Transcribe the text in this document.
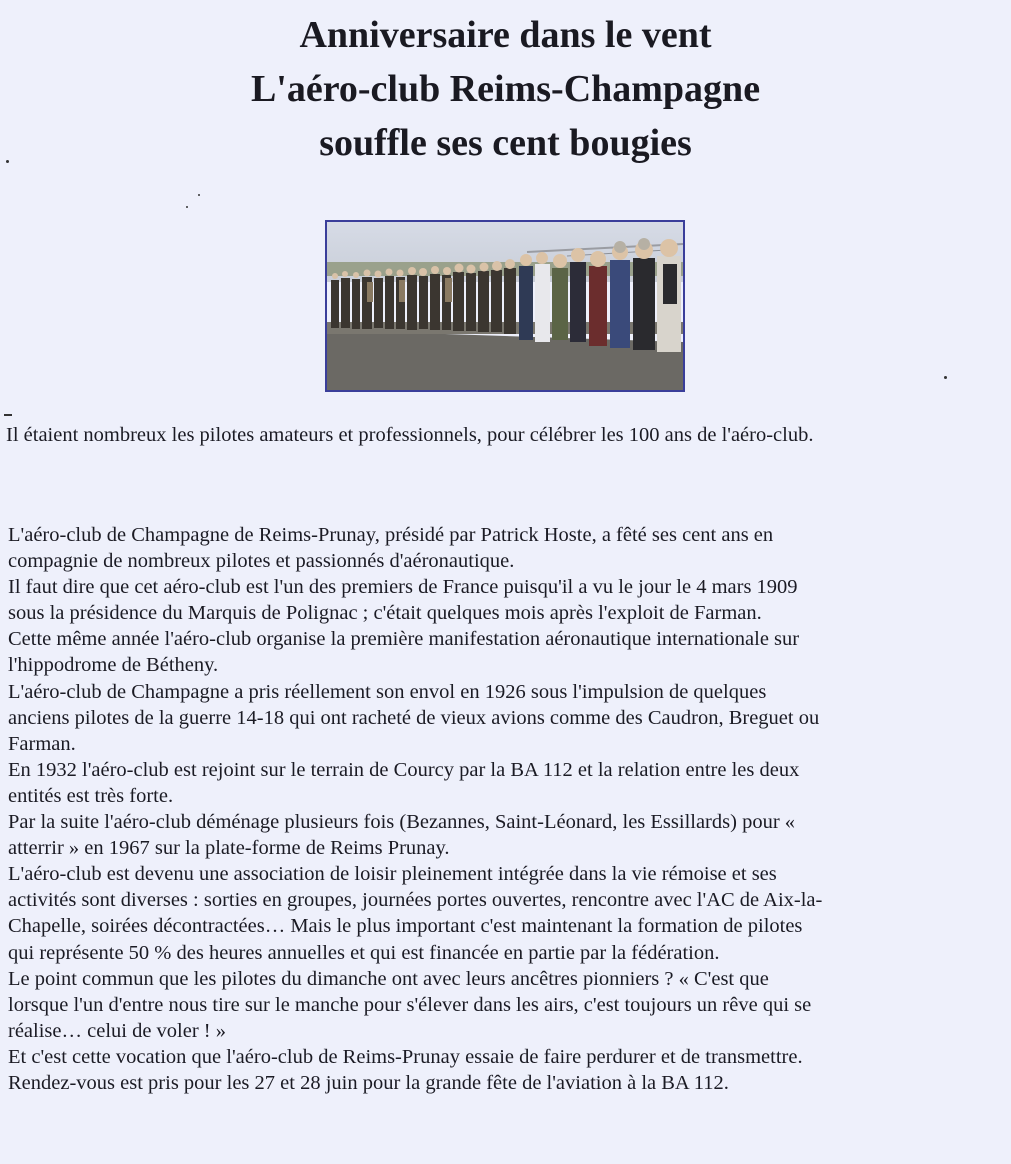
Anniversaire dans le vent
L'aéro-club Reims-Champagne
souffle ses cent bougies
Il étaient nombreux les pilotes amateurs et professionnels, pour célébrer les 100 ans de l'aéro-club.
L'aéro-club de Champagne de Reims-Prunay, présidé par Patrick Hoste, a fêté ses cent ans en
compagnie de nombreux pilotes et passionnés d'aéronautique.
Il faut dire que cet aéro-club est l'un des premiers de France puisqu'il a vu le jour le 4 mars 1909
sous la présidence du Marquis de Polignac ; c'était quelques mois après l'exploit de Farman.
Cette même année l'aéro-club organise la première manifestation aéronautique internationale sur
l'hippodrome de Bétheny.
L'aéro-club de Champagne a pris réellement son envol en 1926 sous l'impulsion de quelques
anciens pilotes de la guerre 14-18 qui ont racheté de vieux avions comme des Caudron, Breguet ou
Farman.
En 1932 l'aéro-club est rejoint sur le terrain de Courcy par la BA 112 et la relation entre les deux
entités est très forte.
Par la suite l'aéro-club déménage plusieurs fois (Bezannes, Saint-Léonard, les Essillards) pour «
atterrir » en 1967 sur la plate-forme de Reims Prunay.
L'aéro-club est devenu une association de loisir pleinement intégrée dans la vie rémoise et ses
activités sont diverses : sorties en groupes, journées portes ouvertes, rencontre avec l'AC de Aix-la-
Chapelle, soirées décontractées… Mais le plus important c'est maintenant la formation de pilotes
qui représente 50 % des heures annuelles et qui est financée en partie par la fédération.
Le point commun que les pilotes du dimanche ont avec leurs ancêtres pionniers ? « C'est que
lorsque l'un d'entre nous tire sur le manche pour s'élever dans les airs, c'est toujours un rêve qui se
réalise… celui de voler ! »
Et c'est cette vocation que l'aéro-club de Reims-Prunay essaie de faire perdurer et de transmettre.
Rendez-vous est pris pour les 27 et 28 juin pour la grande fête de l'aviation à la BA 112.
